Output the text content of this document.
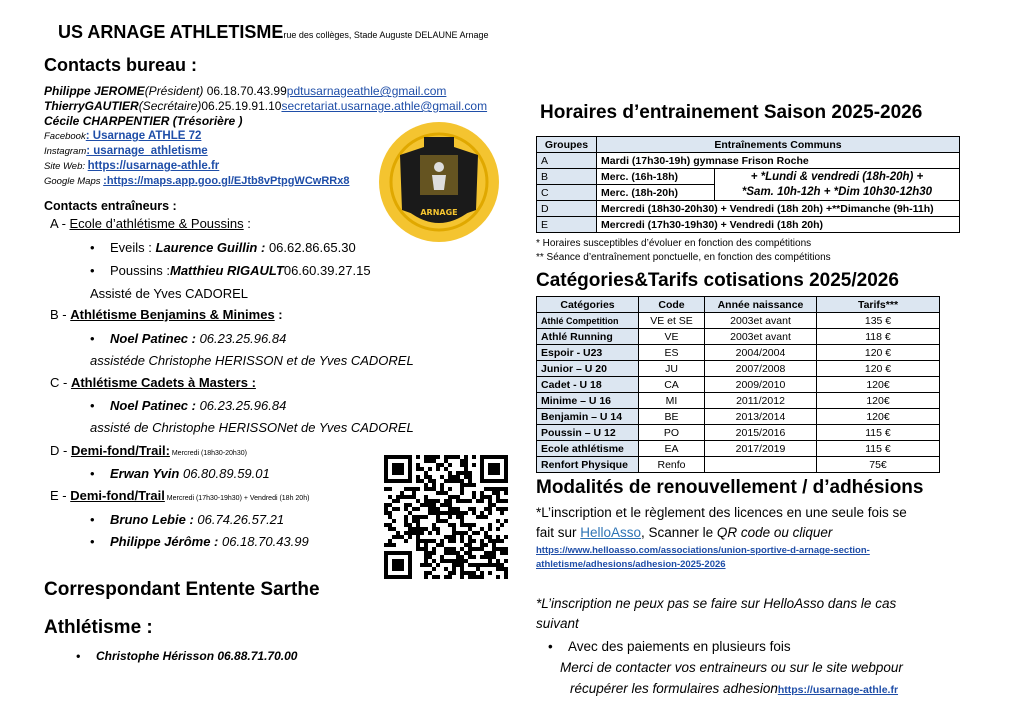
US ARNAGE ATHLETISMErue des collèges, Stade Auguste DELAUNE Arnage
Contacts bureau :
Philippe JEROME(Président) 06.18.70.43.99pdtusarnageathle@gmail.com
ThierryGAUTIER(Secrétaire)06.25.19.91.10secretariat.usarnage.athle@gmail.com
Cécile CHARPENTIER (Trésorière )
Facebook: Usarnage ATHLE 72
Instagram: usarnage_athletisme
Site Web: https://usarnage-athle.fr
Google Maps :https://maps.app.goo.gl/EJtb8vPtpgWCwRRx8
ARNAGE
Contacts entraîneurs :
A - Ecole d’athlétisme & Poussins :
• Eveils : Laurence Guillin : 06.62.86.65.30
• Poussins :Matthieu RIGAULT06.60.39.27.15
Assisté de Yves CADOREL
B - Athlétisme Benjamins & Minimes :
• Noel Patinec : 06.23.25.96.84
assistéde Christophe HERISSON et de Yves CADOREL
C - Athlétisme Cadets à Masters :
• Noel Patinec : 06.23.25.96.84
assisté de Christophe HERISSONet de Yves CADOREL
D - Demi-fond/Trail: Mercredi (18h30-20h30)
• Erwan Yvin 06.80.89.59.01
E - Demi-fond/Trail Mercredi (17h30-19h30) + Vendredi (18h 20h)
• Bruno Lebie : 06.74.26.57.21
• Philippe Jérôme : 06.18.70.43.99
Correspondant Entente Sarthe
Athlétisme :
• Christophe Hérisson 06.88.71.70.00
Horaires d’entrainement Saison 2025-2026
Groupes	Entraînements Communs	
A	Mardi (17h30-19h) gymnase Frison Roche	
B	Merc. (16h-18h)	+ *Lundi & vendredi (18h-20h) +
*Sam. 10h-12h + *Dim 10h30-12h30

C	Merc. (18h-20h)	
D	Mercredi (18h30-20h30) + Vendredi (18h 20h) +**Dimanche (9h-11h)	
E	Mercredi (17h30-19h30) + Vendredi (18h 20h)	
* Horaires susceptibles d’évoluer en fonction des compétitions
** Séance d’entraînement ponctuelle, en fonction des compétitions
Catégories&Tarifs cotisations 2025/2026
Catégories	Code	Année naissance	Tarifs***
Athlé Competition	VE et SE	2003et avant	135 €
Athlé Running	VE	2003et avant	118 €
Espoir - U23	ES	2004/2004	120 €
Junior – U 20	JU	2007/2008	120 €
Cadet - U 18	CA	2009/2010	120€
Minime – U 16	MI	2011/2012	120€
Benjamin – U 14	BE	2013/2014	120€
Poussin – U 12	PO	2015/2016	115 €
Ecole athlétisme	EA	2017/2019	115 €
Renfort Physique	Renfo		75€
Modalités de renouvellement / d’adhésions
*L’inscription et le règlement des licences en une seule fois se
fait sur HelloAsso, Scanner le QR code ou cliquer
https://www.helloasso.com/associations/union-sportive-d-arnage-section-
athletisme/adhesions/adhesion-2025-2026
*L’inscription ne peux pas se faire sur HelloAsso dans le cas
suivant
• Avec des paiements en plusieurs fois
Merci de contacter vos entraineurs ou sur le site webpour
récupérer les formulaires adhesionhttps://usarnage-athle.fr
